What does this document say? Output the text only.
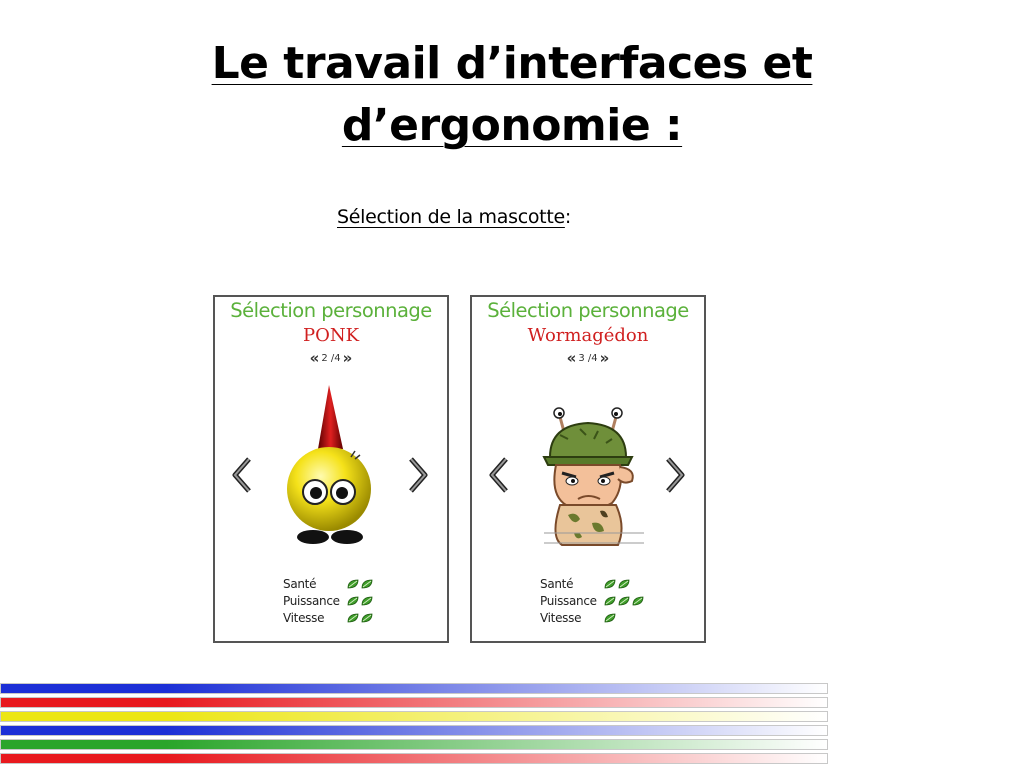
Le travail d’interfaces et
d’ergonomie :
Sélection de la mascotte:
Sélection personnage
PONK
« 2 /4 »
Santé
Puissance
Vitesse
Sélection personnage
Wormagédon
« 3 /4 »
Santé
Puissance
Vitesse
